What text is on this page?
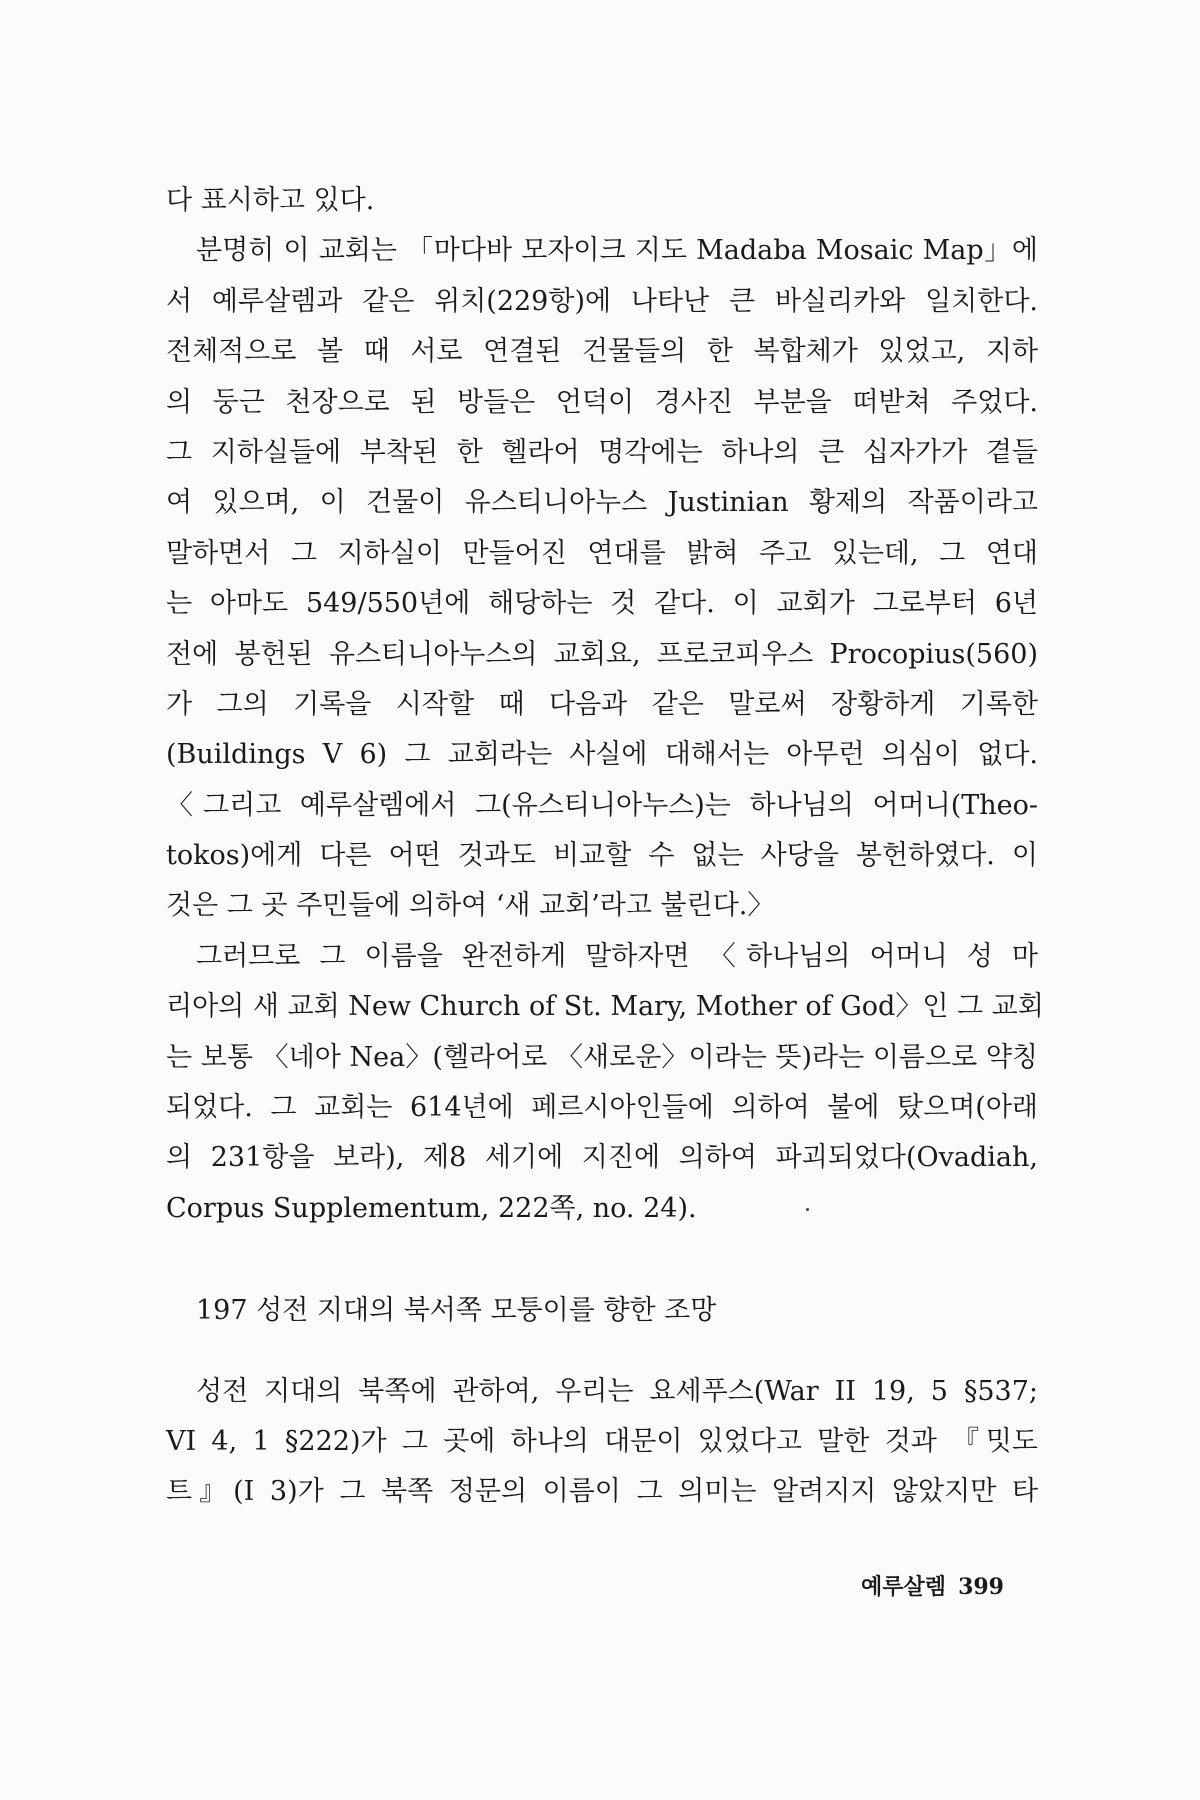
다 표시하고 있다.
분명히 이 교회는 「마다바 모자이크 지도 Madaba Mosaic Map」에
서 예루살렘과 같은 위치(229항)에 나타난 큰 바실리카와 일치한다.
전체적으로 볼 때 서로 연결된 건물들의 한 복합체가 있었고, 지하
의 둥근 천장으로 된 방들은 언덕이 경사진 부분을 떠받쳐 주었다.
그 지하실들에 부착된 한 헬라어 명각에는 하나의 큰 십자가가 곁들
여 있으며, 이 건물이 유스티니아누스 Justinian 황제의 작품이라고
말하면서 그 지하실이 만들어진 연대를 밝혀 주고 있는데, 그 연대
는 아마도 549/550년에 해당하는 것 같다. 이 교회가 그로부터 6년
전에 봉헌된 유스티니아누스의 교회요, 프로코피우스 Procopius(560)
가 그의 기록을 시작할 때 다음과 같은 말로써 장황하게 기록한
(Buildings V 6) 그 교회라는 사실에 대해서는 아무런 의심이 없다.
〈그리고 예루살렘에서 그(유스티니아누스)는 하나님의 어머니(Theo-
tokos)에게 다른 어떤 것과도 비교할 수 없는 사당을 봉헌하였다. 이
것은 그 곳 주민들에 의하여 ‘새 교회’라고 불린다.〉
그러므로 그 이름을 완전하게 말하자면 〈하나님의 어머니 성 마
리아의 새 교회 New Church of St. Mary, Mother of God〉인 그 교회
는 보통 〈네아 Nea〉(헬라어로 〈새로운〉이라는 뜻)라는 이름으로 약칭
되었다. 그 교회는 614년에 페르시아인들에 의하여 불에 탔으며(아래
의 231항을 보라), 제8 세기에 지진에 의하여 파괴되었다(Ovadiah,
Corpus Supplementum, 222쪽, no. 24).
197 성전 지대의 북서쪽 모퉁이를 향한 조망
성전 지대의 북쪽에 관하여, 우리는 요세푸스(War II 19, 5 §537;
VI 4, 1 §222)가 그 곳에 하나의 대문이 있었다고 말한 것과 『밋도
트』(I 3)가 그 북쪽 정문의 이름이 그 의미는 알려지지 않았지만 타
예루살렘 399
